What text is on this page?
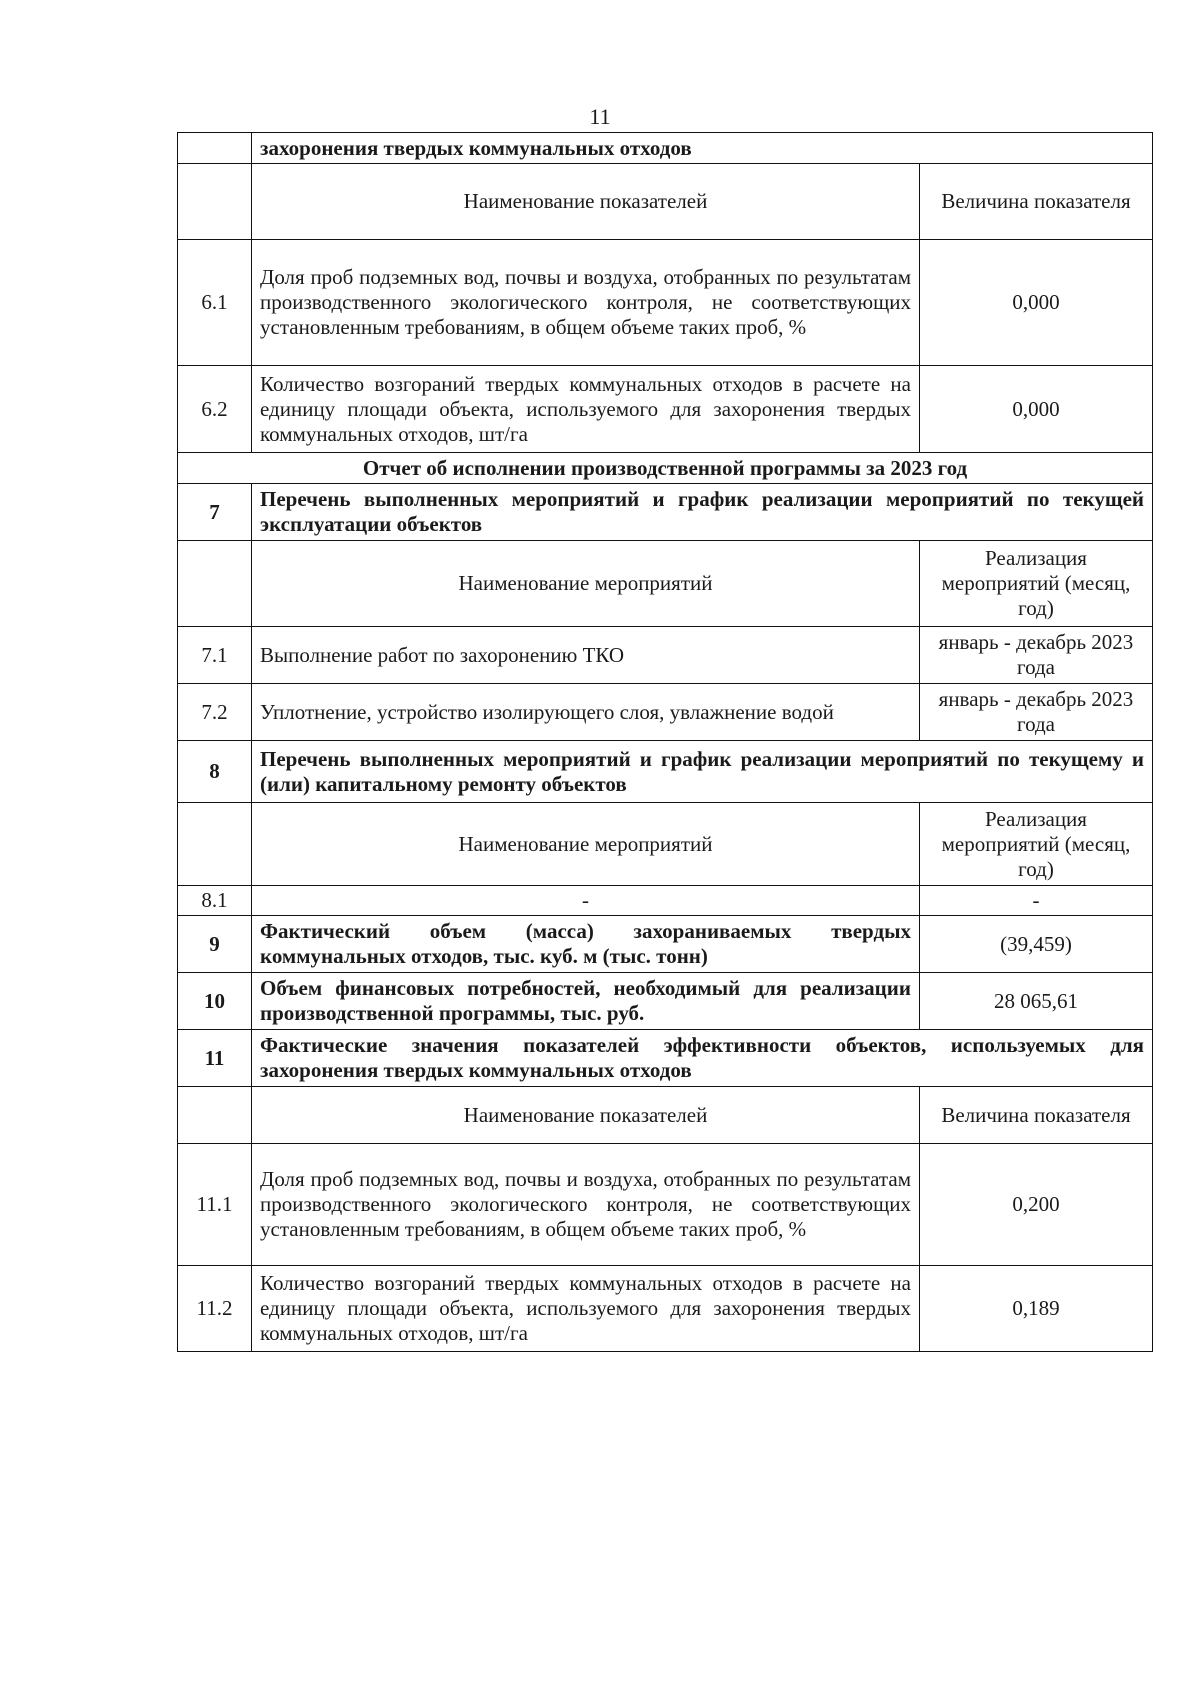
11
	захоронения твердых коммунальных отходов	
	Наименование показателей	Величина показателя
6.1	Доля проб подземных вод, почвы и воздуха, отобранных по результатам производственного экологического контроля, не соответствующих установленным требованиям, в общем объеме таких проб, %	0,000
6.2	Количество возгораний твердых коммунальных отходов в расчете на единицу площади объекта, используемого для захоронения твердых коммунальных отходов, шт/га	0,000
Отчет об исполнении производственной программы за 2023 год		
7	Перечень выполненных мероприятий и график реализации мероприятий по текущей эксплуатации объектов	
	Наименование мероприятий	Реализация мероприятий (месяц, год)
7.1	Выполнение работ по захоронению ТКО	январь - декабрь 2023 года
7.2	Уплотнение, устройство изолирующего слоя, увлажнение водой	январь - декабрь 2023 года
8	Перечень выполненных мероприятий и график реализации мероприятий по текущему и (или) капитальному ремонту объектов	
	Наименование мероприятий	Реализация мероприятий (месяц, год)
8.1	-	-
9	Фактический объем (масса) захораниваемых твердых коммунальных отходов, тыс. куб. м (тыс. тонн)	(39,459)
10	Объем финансовых потребностей, необходимый для реализации производственной программы, тыс. руб.	28 065,61
11	Фактические значения показателей эффективности объектов, используемых для захоронения твердых коммунальных отходов	
	Наименование показателей	Величина показателя
11.1	Доля проб подземных вод, почвы и воздуха, отобранных по результатам производственного экологического контроля, не соответствующих установленным требованиям, в общем объеме таких проб, %	0,200
11.2	Количество возгораний твердых коммунальных отходов в расчете на единицу площади объекта, используемого для захоронения твердых коммунальных отходов, шт/га	0,189
